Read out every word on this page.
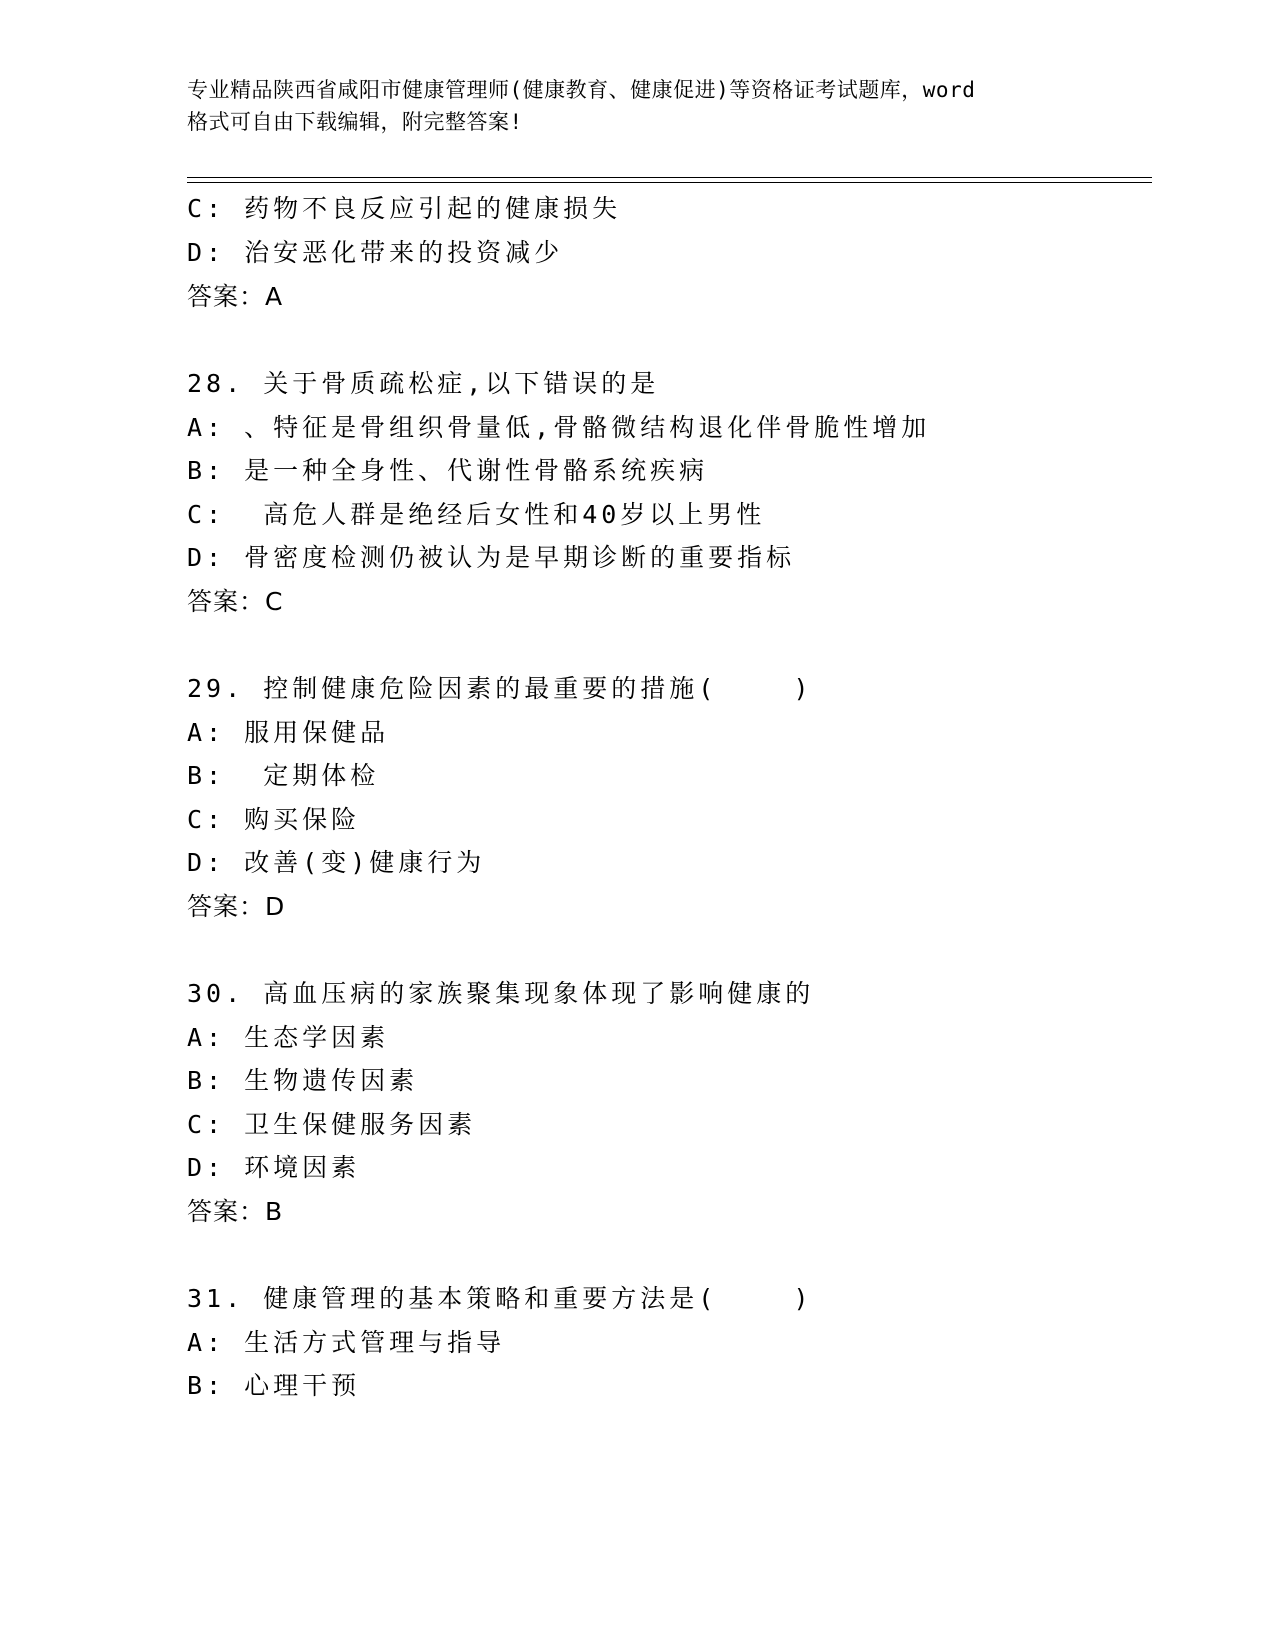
专业精品陕西省咸阳市健康管理师(健康教育、健康促进)等资格证考试题库，word
格式可自由下载编辑，附完整答案!
C: 药物不良反应引起的健康损失
D: 治安恶化带来的投资减少
答案：A
28. 关于骨质疏松症,以下错误的是
A: 、特征是骨组织骨量低,骨骼微结构退化伴骨脆性增加
B: 是一种全身性、代谢性骨骼系统疾病
C:  高危人群是绝经后女性和40岁以上男性
D: 骨密度检测仍被认为是早期诊断的重要指标
答案：C
29. 控制健康危险因素的最重要的措施(    )
A: 服用保健品
B:  定期体检
C: 购买保险
D: 改善(变)健康行为
答案：D
30. 高血压病的家族聚集现象体现了影响健康的
A: 生态学因素
B: 生物遗传因素
C: 卫生保健服务因素
D: 环境因素
答案：B
31. 健康管理的基本策略和重要方法是(    )
A: 生活方式管理与指导
B: 心理干预
